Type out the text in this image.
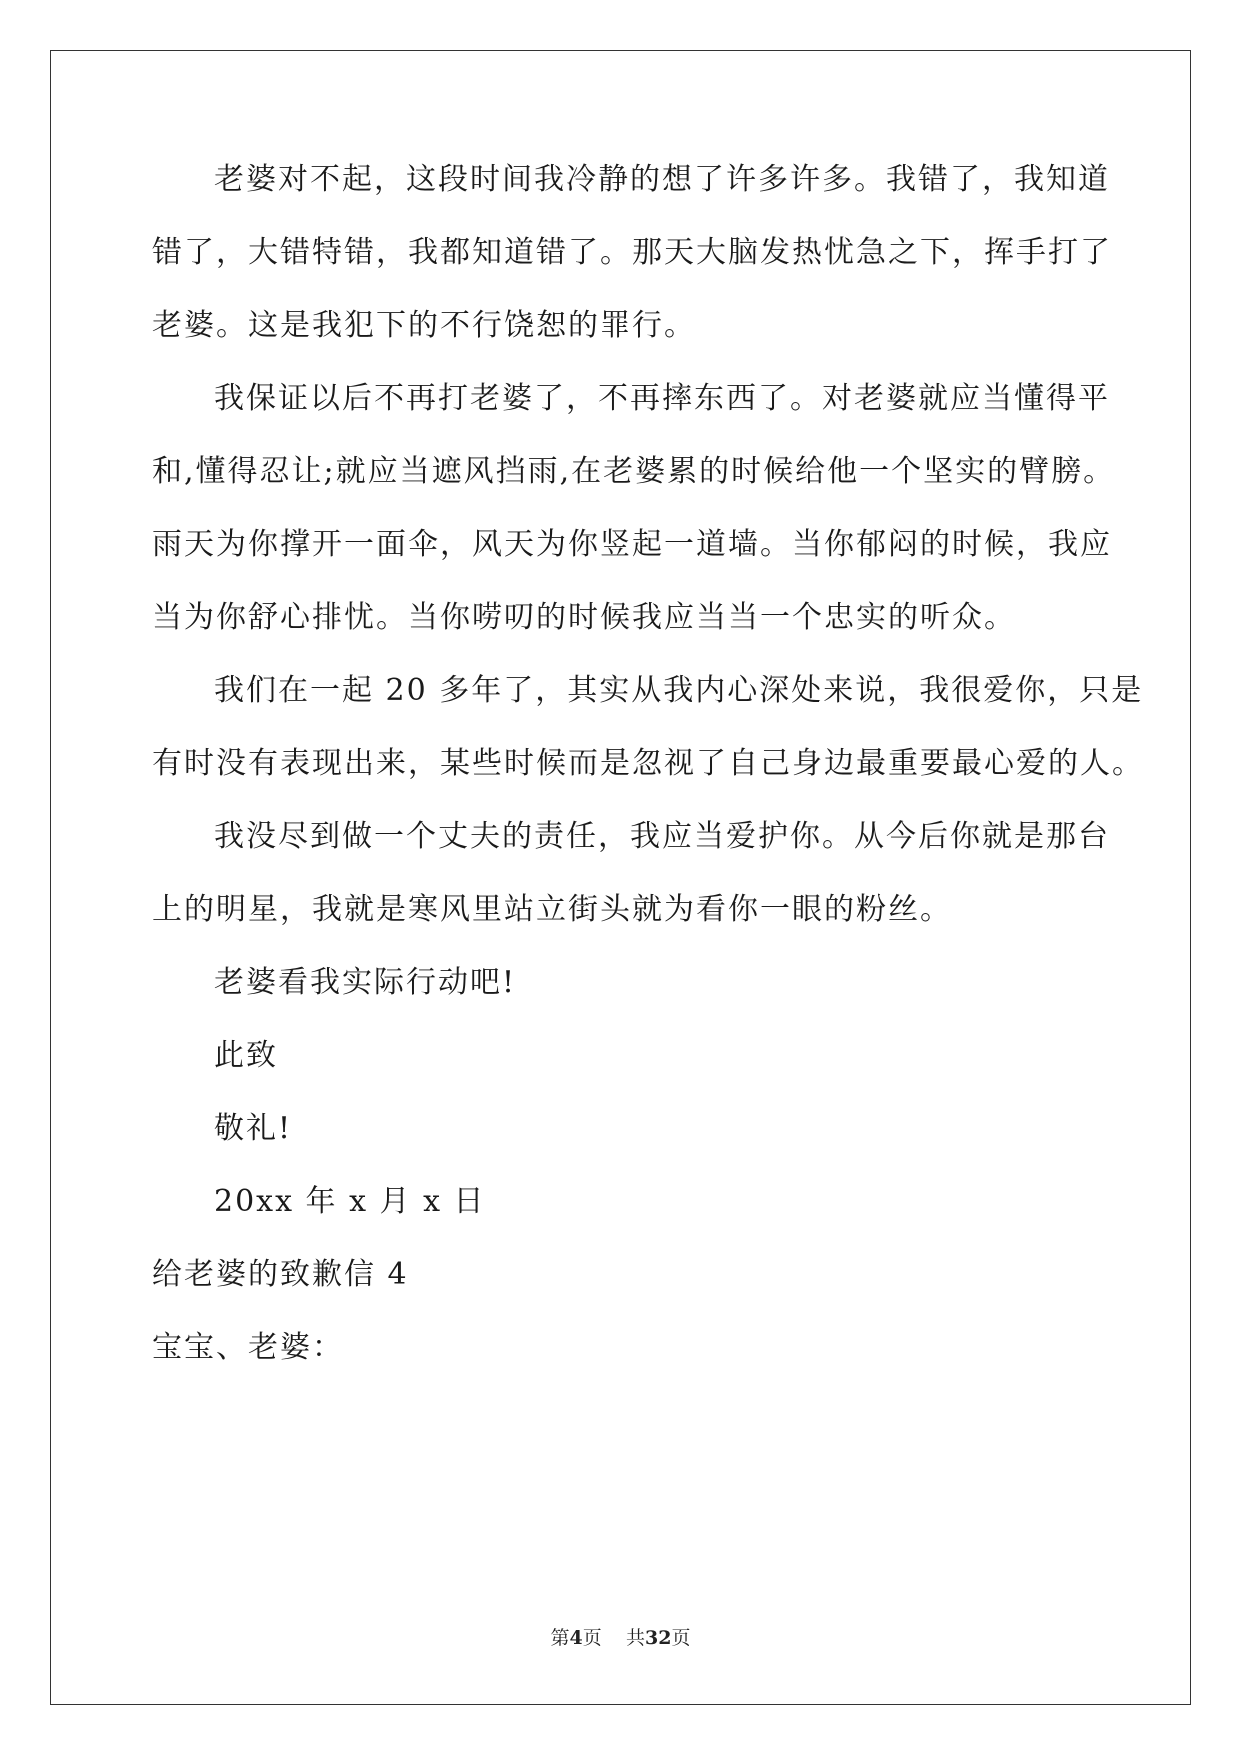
老婆对不起，这段时间我冷静的想了许多许多。我错了，我知道
错了，大错特错，我都知道错了。那天大脑发热忧急之下，挥手打了
老婆。这是我犯下的不行饶恕的罪行。
我保证以后不再打老婆了，不再摔东西了。对老婆就应当懂得平
和,懂得忍让;就应当遮风挡雨,在老婆累的时候给他一个坚实的臂膀。
雨天为你撑开一面伞，风天为你竖起一道墙。当你郁闷的时候，我应
当为你舒心排忧。当你唠叨的时候我应当当一个忠实的听众。
我们在一起 20 多年了，其实从我内心深处来说，我很爱你，只是
有时没有表现出来，某些时候而是忽视了自己身边最重要最心爱的人。
我没尽到做一个丈夫的责任，我应当爱护你。从今后你就是那台
上的明星，我就是寒风里站立街头就为看你一眼的粉丝。
老婆看我实际行动吧!
此致
敬礼!
20xx 年 x 月 x 日
给老婆的致歉信 4
宝宝、老婆：
第4页 共32页
